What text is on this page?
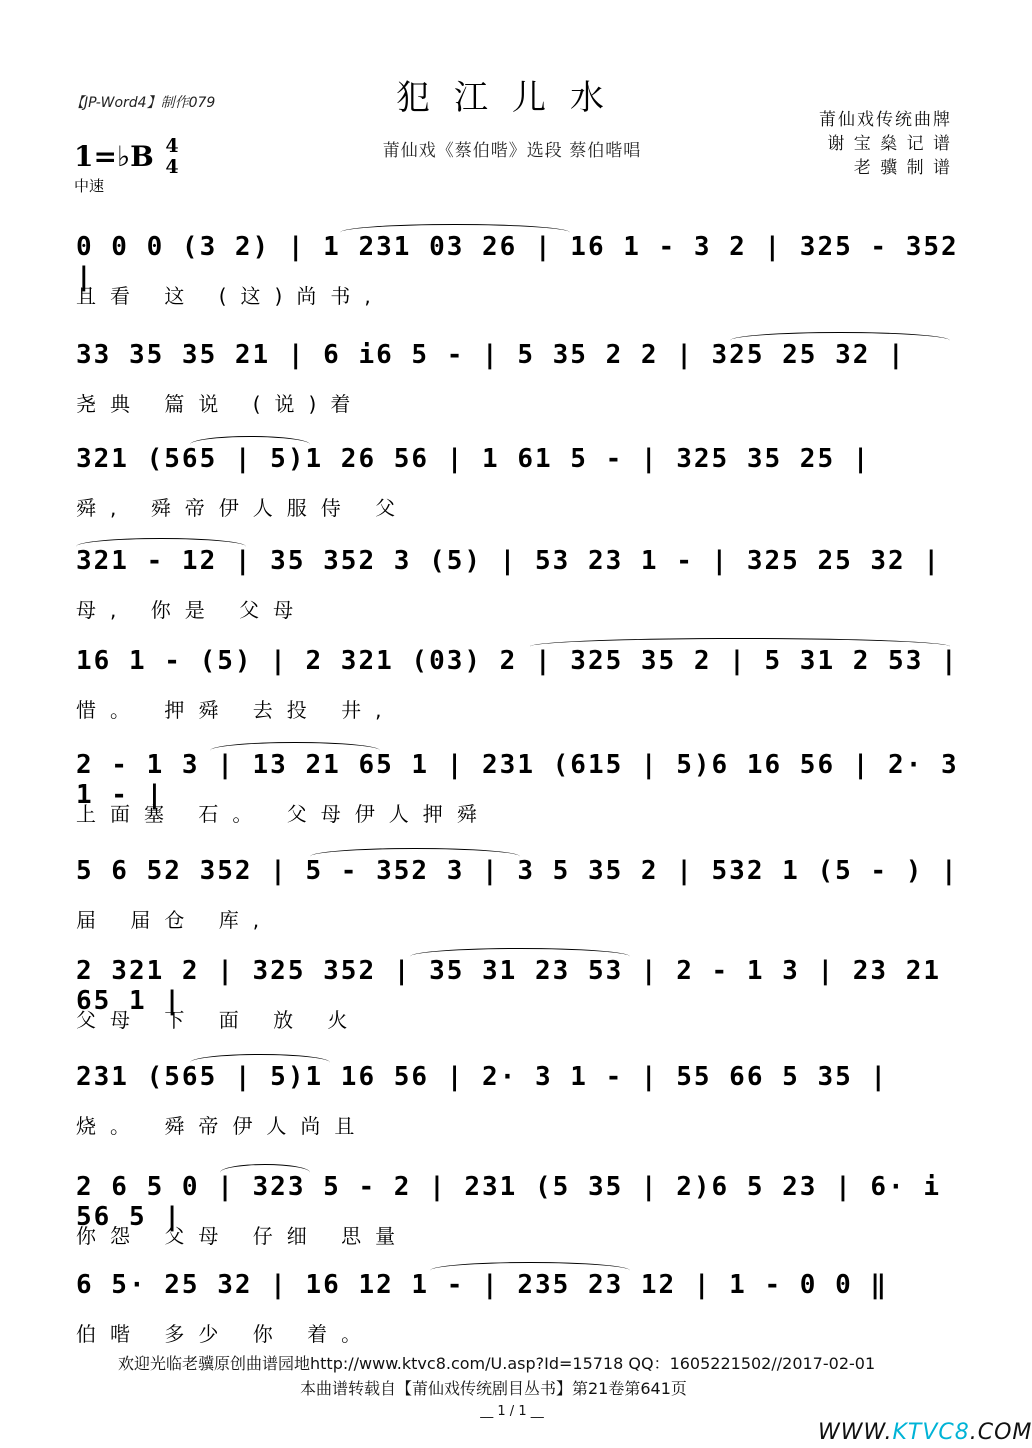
【JP-Word4】制作079	犯江儿水
莆仙戏《蔡伯喈》选段 蔡伯喈唱
莆仙戏传统曲牌
谢 宝 燊 记 谱
老 骥 制 谱
1=♭B 4
4
中速
0 0 0 (3 2) | 1 231 03 26 | 16 1 - 3 2 | 325 - 352 |
且看 这 (这)尚书,
33 35 35 21 | 6 i6 5 - | 5 35 2 2 | 325 25 32 |
尧典 篇说 (说)着
321 (565 | 5)1 26 56 | 1 61 5 - | 325 35 25 |
舜, 舜帝伊人服侍 父
321 - 12 | 35 352 3 (5) | 53 23 1 - | 325 25 32 |
母, 你是 父母
16 1 - (5) | 2 321 (03) 2 | 325 35 2 | 5 31 2 53 |
惜。 押舜 去投 井,
2 - 1 3 | 13 21 65 1 | 231 (615 | 5)6 16 56 | 2· 3 1 - |
上面塞 石。 父母伊人押舜
5 6 52 352 | 5 - 352 3 | 3 5 35 2 | 532 1 (5 - ) |
届 届仓 库,
2 321 2 | 325 352 | 35 31 23 53 | 2 - 1 3 | 23 21 65 1 |
父母 下 面 放 火
231 (565 | 5)1 16 56 | 2· 3 1 - | 55 66 5 35 |
烧。 舜帝伊人尚且
2 6 5 0 | 323 5 - 2 | 231 (5 35 | 2)6 5 23 | 6· i 56 5 |
你怨 父母 仔细 思量
6 5· 25 32 | 16 12 1 - | 235 23 12 | 1 - 0 0 ‖
伯喈 多少 你 着。
欢迎光临老骥原创曲谱园地http://www.ktvc8.com/U.asp?Id=15718 QQ：1605221502//2017-02-01
本曲谱转载自【莆仙戏传统剧目丛书】第21卷第641页
__ 1 / 1 __
WWW.KTVC8.COM
